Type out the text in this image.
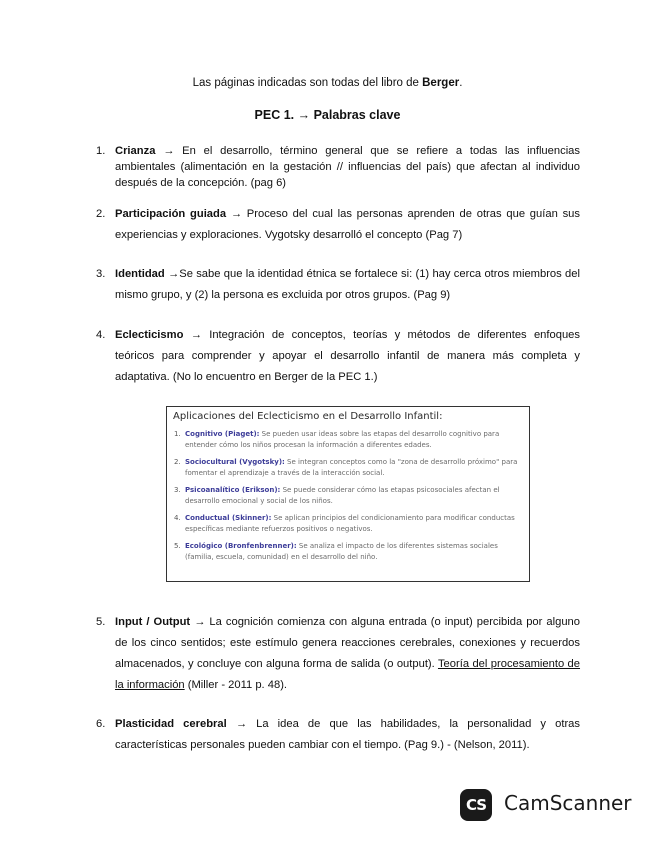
Las páginas indicadas son todas del libro de Berger.
PEC 1. → Palabras clave
1. Crianza → En el desarrollo, término general que se refiere a todas las influencias ambientales (alimentación en la gestación // influencias del país) que afectan al individuo después de la concepción. (pag 6)
2. Participación guiada → Proceso del cual las personas aprenden de otras que guían sus experiencias y exploraciones. Vygotsky desarrolló el concepto (Pag 7)
3. Identidad →Se sabe que la identidad étnica se fortalece si: (1) hay cerca otros miembros del mismo grupo, y (2) la persona es excluida por otros grupos. (Pag 9)
4. Eclecticismo → Integración de conceptos, teorías y métodos de diferentes enfoques teóricos para comprender y apoyar el desarrollo infantil de manera más completa y adaptativa. (No lo encuentro en Berger de la PEC 1.)
Aplicaciones del Eclecticismo en el Desarrollo Infantil:
1. Cognitivo (Piaget): Se pueden usar ideas sobre las etapas del desarrollo cognitivo para entender cómo los niños procesan la información a diferentes edades.
2. Sociocultural (Vygotsky): Se integran conceptos como la "zona de desarrollo próximo" para fomentar el aprendizaje a través de la interacción social.
3. Psicoanalítico (Erikson): Se puede considerar cómo las etapas psicosociales afectan el desarrollo emocional y social de los niños.
4. Conductual (Skinner): Se aplican principios del condicionamiento para modificar conductas específicas mediante refuerzos positivos o negativos.
5. Ecológico (Bronfenbrenner): Se analiza el impacto de los diferentes sistemas sociales (familia, escuela, comunidad) en el desarrollo del niño.
5. Input / Output → La cognición comienza con alguna entrada (o input) percibida por alguno de los cinco sentidos; este estímulo genera reacciones cerebrales, conexiones y recuerdos almacenados, y concluye con alguna forma de salida (o output). Teoría del procesamiento de la información (Miller - 2011 p. 48).
6. Plasticidad cerebral → La idea de que las habilidades, la personalidad y otras características personales pueden cambiar con el tiempo. (Pag 9.) - (Nelson, 2011).
CS CamScanner
